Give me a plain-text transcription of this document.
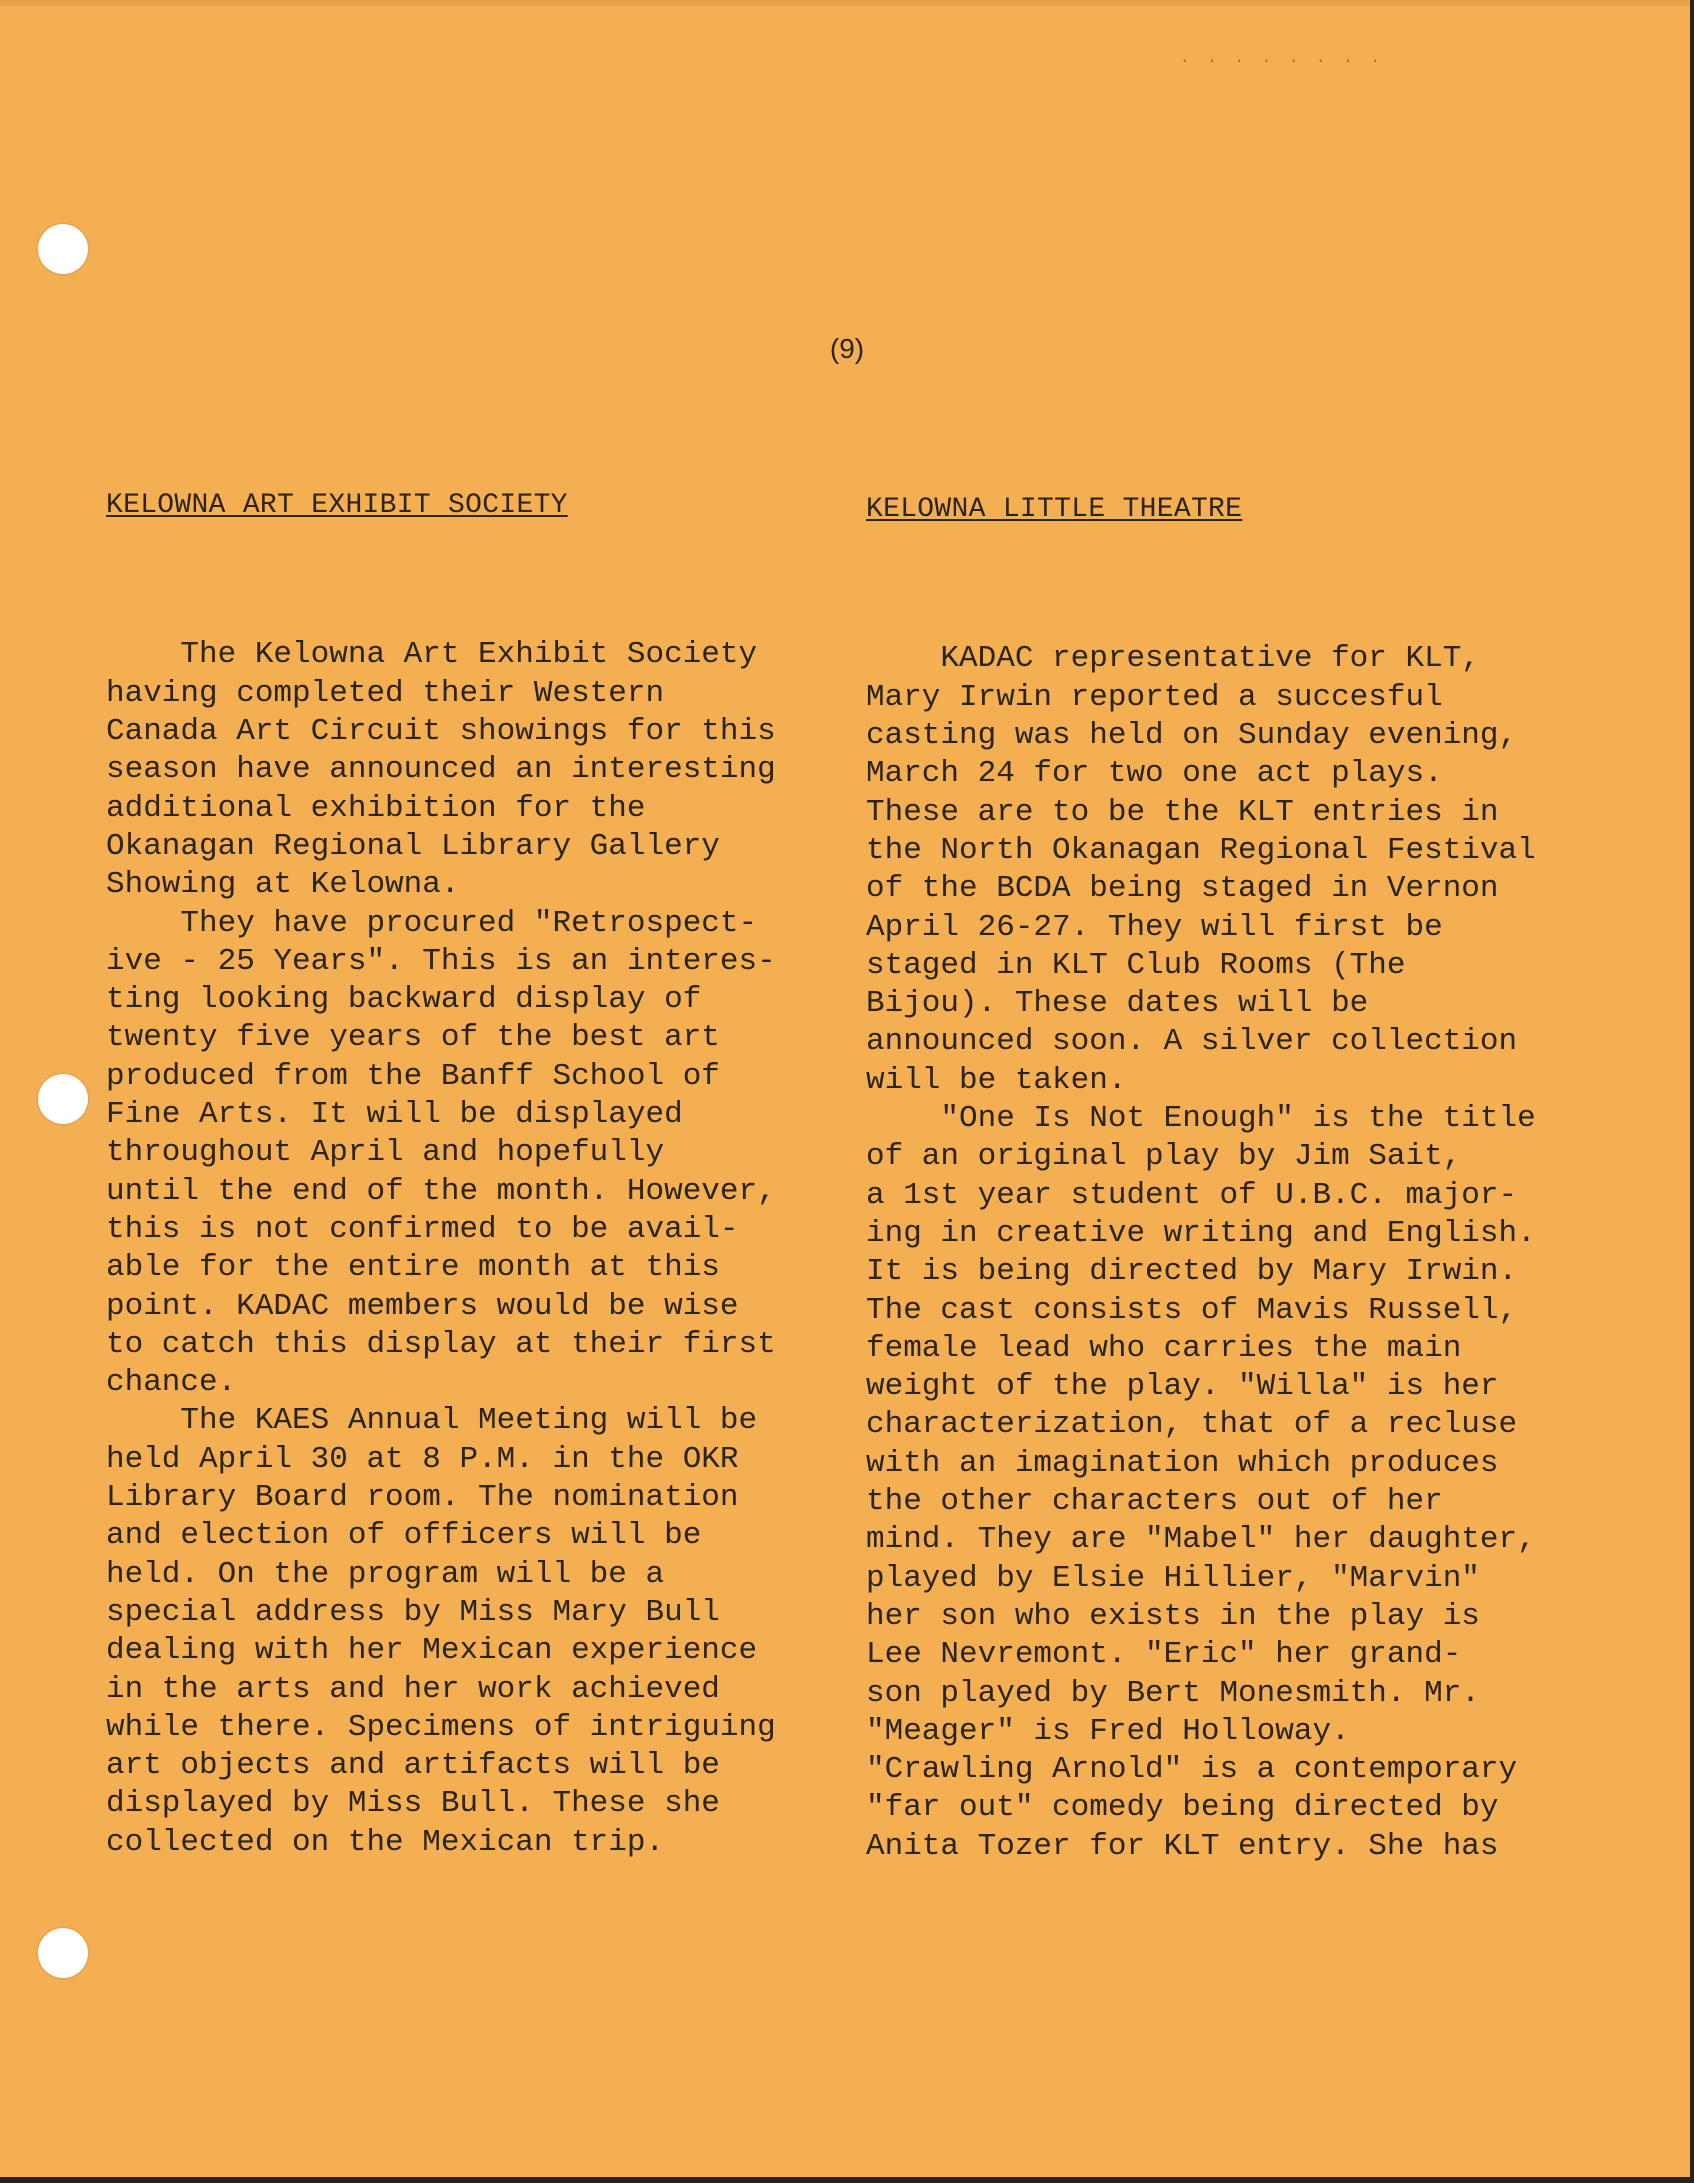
· · · · · · · ·
(9)

KELOWNA ART EXHIBIT SOCIETY

The Kelowna Art Exhibit Society
having completed their Western
Canada Art Circuit showings for this
season have announced an interesting
additional exhibition for the
Okanagan Regional Library Gallery
Showing at Kelowna.
They have procured "Retrospect-
ive - 25 Years". This is an interes-
ting looking backward display of
twenty five years of the best art
produced from the Banff School of
Fine Arts. It will be displayed
throughout April and hopefully
until the end of the month. However,
this is not confirmed to be avail-
able for the entire month at this
point. KADAC members would be wise
to catch this display at their first
chance.
The KAES Annual Meeting will be
held April 30 at 8 P.M. in the OKR
Library Board room. The nomination
and election of officers will be
held. On the program will be a
special address by Miss Mary Bull
dealing with her Mexican experience
in the arts and her work achieved
while there. Specimens of intriguing
art objects and artifacts will be
displayed by Miss Bull. These she
collected on the Mexican trip.

KELOWNA LITTLE THEATRE

KADAC representative for KLT,
Mary Irwin reported a succesful
casting was held on Sunday evening,
March 24 for two one act plays.
These are to be the KLT entries in
the North Okanagan Regional Festival
of the BCDA being staged in Vernon
April 26-27. They will first be
staged in KLT Club Rooms (The
Bijou). These dates will be
announced soon. A silver collection
will be taken.
"One Is Not Enough" is the title
of an original play by Jim Sait,
a 1st year student of U.B.C. major-
ing in creative writing and English.
It is being directed by Mary Irwin.
The cast consists of Mavis Russell,
female lead who carries the main
weight of the play. "Willa" is her
characterization, that of a recluse
with an imagination which produces
the other characters out of her
mind. They are "Mabel" her daughter,
played by Elsie Hillier, "Marvin"
her son who exists in the play is
Lee Nevremont. "Eric" her grand-
son played by Bert Monesmith. Mr.
"Meager" is Fred Holloway.
"Crawling Arnold" is a contemporary
"far out" comedy being directed by
Anita Tozer for KLT entry. She has
